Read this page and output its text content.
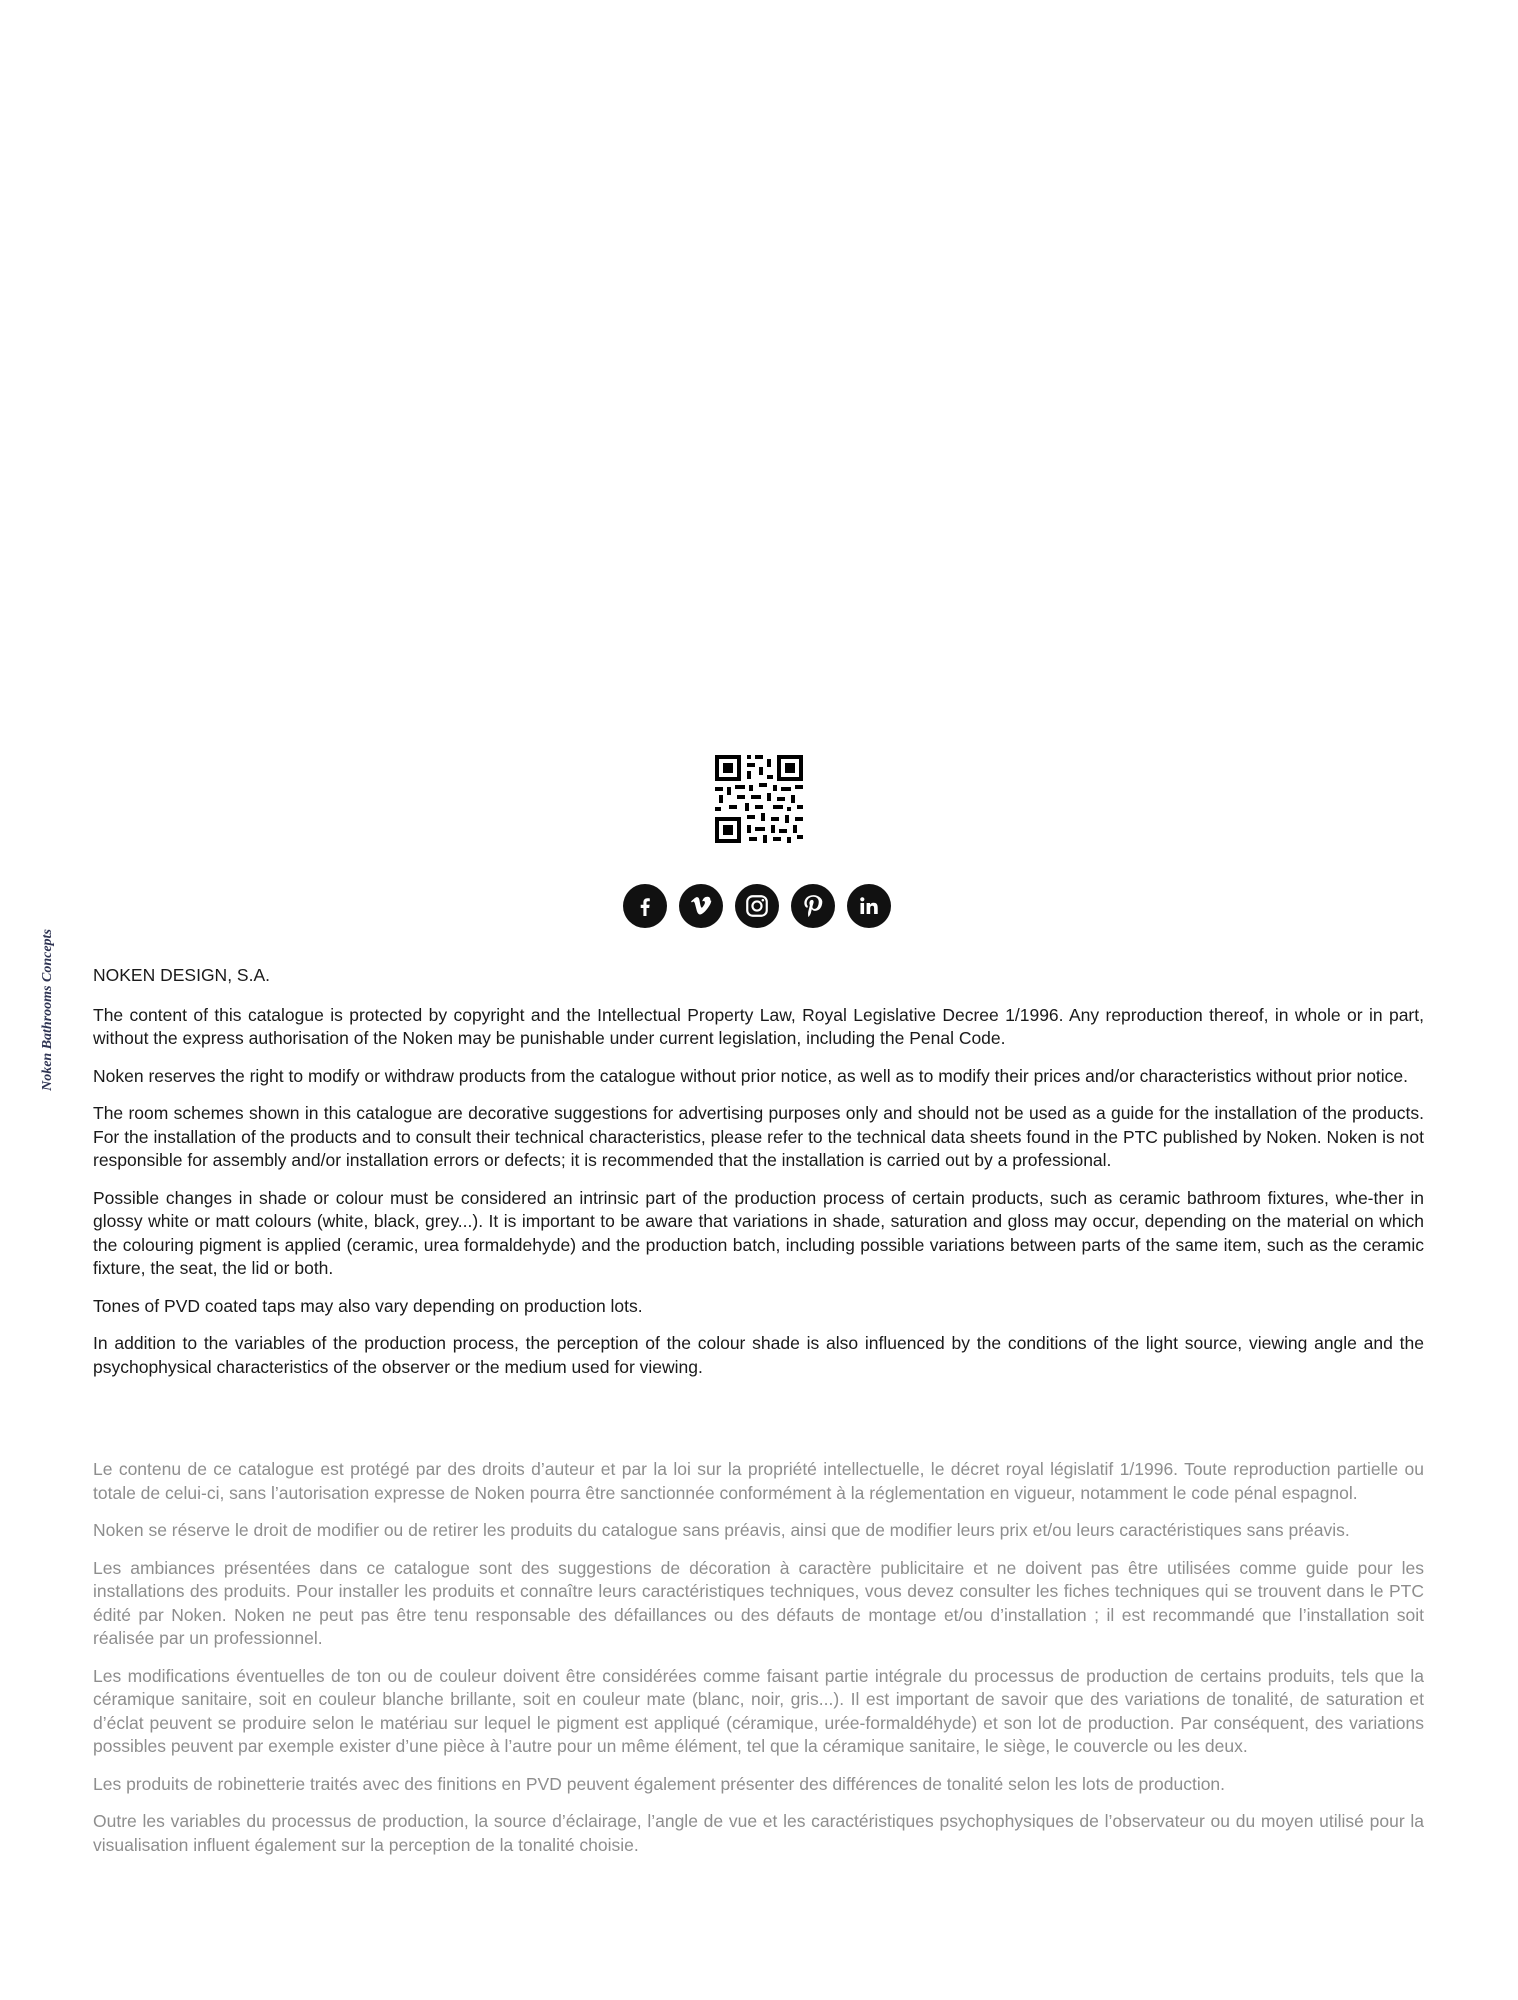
Noken Bathrooms Concepts NOKEN DESIGN, S.A.

The content of this catalogue is protected by copyright and the Intellectual Property Law, Royal Legislative Decree 1/1996. Any reproduction thereof, in whole or in part, without the express authorisation of the Noken may be punishable under current legislation, including the Penal Code.

Noken reserves the right to modify or withdraw products from the catalogue without prior notice, as well as to modify their prices and/or characteristics without prior notice.

The room schemes shown in this catalogue are decorative suggestions for advertising purposes only and should not be used as a guide for the installation of the products. For the installation of the products and to consult their technical characteristics, please refer to the technical data sheets found in the PTC published by Noken. Noken is not responsible for assembly and/or installation errors or defects; it is recommended that the installation is carried out by a professional.

Possible changes in shade or colour must be considered an intrinsic part of the production process of certain products, such as ceramic bathroom fixtures, whe-ther in glossy white or matt colours (white, black, grey...). It is important to be aware that variations in shade, saturation and gloss may occur, depending on the material on which the colouring pigment is applied (ceramic, urea formaldehyde) and the production batch, including possible variations between parts of the same item, such as the ceramic fixture, the seat, the lid or both.

Tones of PVD coated taps may also vary depending on production lots.

In addition to the variables of the production process, the perception of the colour shade is also influenced by the conditions of the light source, viewing angle and the psychophysical characteristics of the observer or the medium used for viewing.

Le contenu de ce catalogue est protégé par des droits d’auteur et par la loi sur la propriété intellectuelle, le décret royal législatif 1/1996. Toute reproduction partielle ou totale de celui-ci, sans l’autorisation expresse de Noken pourra être sanctionnée conformément à la réglementation en vigueur, notamment le code pénal espagnol.

Noken se réserve le droit de modifier ou de retirer les produits du catalogue sans préavis, ainsi que de modifier leurs prix et/ou leurs caractéristiques sans préavis.

Les ambiances présentées dans ce catalogue sont des suggestions de décoration à caractère publicitaire et ne doivent pas être utilisées comme guide pour les installations des produits. Pour installer les produits et connaître leurs caractéristiques techniques, vous devez consulter les fiches techniques qui se trouvent dans le PTC édité par Noken. Noken ne peut pas être tenu responsable des défaillances ou des défauts de montage et/ou d’installation ; il est recommandé que l’installation soit réalisée par un professionnel.

Les modifications éventuelles de ton ou de couleur doivent être considérées comme faisant partie intégrale du processus de production de certains produits, tels que la céramique sanitaire, soit en couleur blanche brillante, soit en couleur mate (blanc, noir, gris...). Il est important de savoir que des variations de tonalité, de saturation et d’éclat peuvent se produire selon le matériau sur lequel le pigment est appliqué (céramique, urée-formaldéhyde) et son lot de production. Par conséquent, des variations possibles peuvent par exemple exister d’une pièce à l’autre pour un même élément, tel que la céramique sanitaire, le siège, le couvercle ou les deux.

Les produits de robinetterie traités avec des finitions en PVD peuvent également présenter des différences de tonalité selon les lots de production.

Outre les variables du processus de production, la source d’éclairage, l’angle de vue et les caractéristiques psychophysiques de l’observateur ou du moyen utilisé pour la visualisation influent également sur la perception de la tonalité choisie.
